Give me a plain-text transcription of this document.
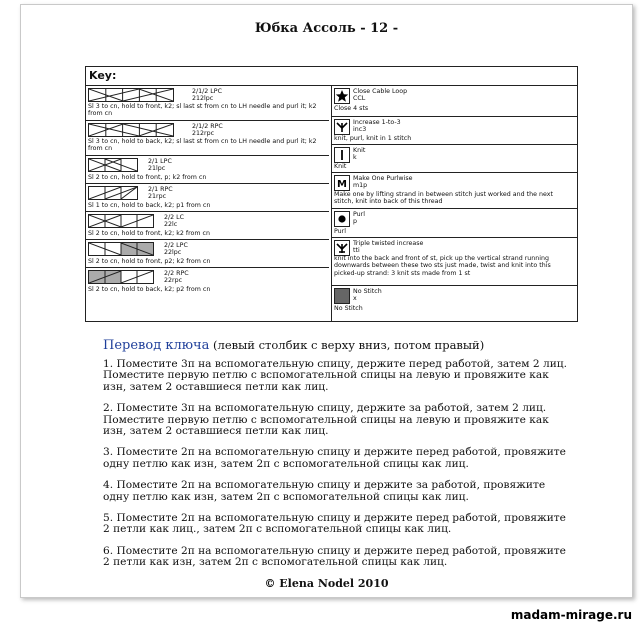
Юбка Ассоль - 12 -
Key:
2/1/2 LPC
212lpc
Sl 3 to cn, hold to front, k2; sl last st from cn to LH needle and purl it; k2 from cn
2/1/2 RPC
212rpc
Sl 3 to cn, hold to back, k2; sl last st from cn to LH needle and purl it; k2 from cn
2/1 LPC
21lpc
Sl 2 to cn, hold to front, p; k2 from cn
2/1 RPC
21rpc
Sl 1 to cn, hold to back, k2; p1 from cn
2/2 LC
22lc
Sl 2 to cn, hold to front, k2; k2 from cn
2/2 LPC
22lpc
Sl 2 to cn, hold to front, p2; k2 from cn
2/2 RPC
22rpc
Sl 2 to cn, hold to back, k2; p2 from cn
Close Cable Loop
CCL
Close 4 sts
Increase 1-to-3
inc3
knit, purl, knit in 1 stitch
Knit
k
Knit
M
Make One Purlwise
m1p
Make one by lifting strand in between stitch just worked and the next stitch, knit into back of this thread
Purl
p
Purl
Triple twisted increase
tti
knit into the back and front of st, pick up the vertical strand running downwards between these two sts just made, twist and knit into this picked-up strand: 3 knit sts made from 1 st
No Stitch
x
No Stitch
Перевод ключа (левый столбик с верху вниз, потом правый)
1. Поместите 3п на вспомогательную спицу, держите перед работой, затем 2 лиц. Поместите первую петлю с вспомогательной спицы на левую и провяжите как изн, затем 2 оставшиеся петли как лиц.
2. Поместите 3п на вспомогательную спицу, держите за работой, затем 2 лиц. Поместите первую петлю с вспомогательной спицы на левую и провяжите как изн, затем 2 оставшиеся петли как лиц.
3. Поместите 2п на вспомогательную спицу и держите перед работой, провяжите одну петлю как изн, затем 2п с вспомогательной спицы как лиц.
4. Поместите 2п на вспомогательную спицу и держите за работой, провяжите одну петлю как изн, затем 2п с вспомогательной спицы как лиц.
5. Поместите 2п на вспомогательную спицу и держите перед работой, провяжите 2 петли как лиц., затем 2п с вспомогательной спицы как лиц.
6. Поместите 2п на вспомогательную спицу и держите перед работой, провяжите 2 петли как изн, затем 2п с вспомогательной спицы как лиц.
© Elena Nodel 2010
madam-mirage.ru
